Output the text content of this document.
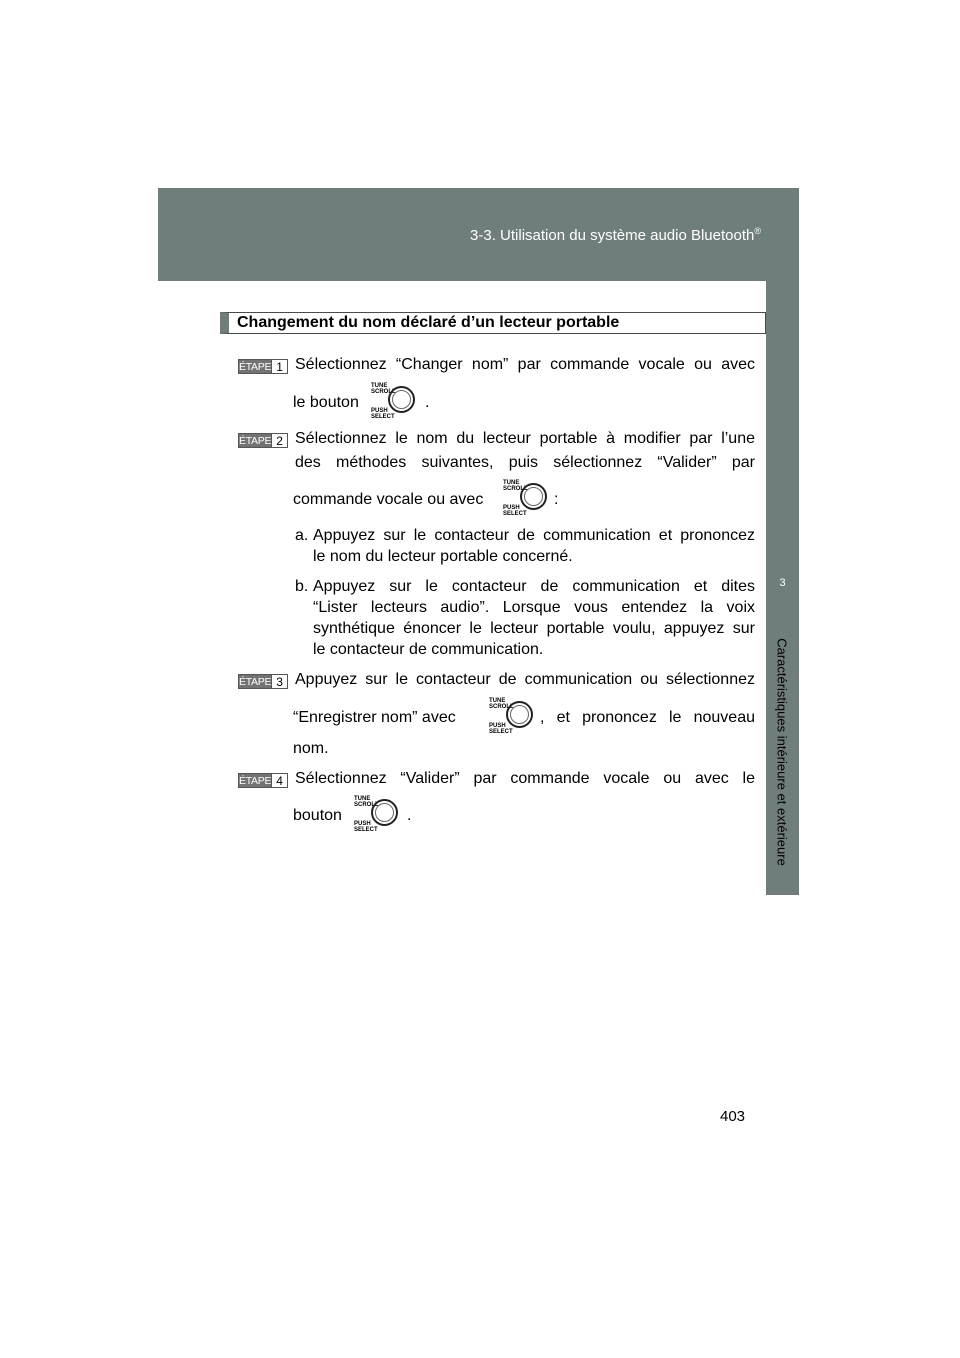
3-3. Utilisation du système audio Bluetooth®
3
Caractéristiques intérieure et extérieure
Changement du nom déclaré d’un lecteur portable
ÉTAPE 1 Sélectionnez “Changer nom” par commande vocale ou avec
le bouton
TUNE
SCROLL
PUSH
SELECT
.
ÉTAPE 2 Sélectionnez le nom du lecteur portable à modifier par l’une
des méthodes suivantes, puis sélectionnez “Valider” par
commande vocale ou avec
TUNE
SCROLL
PUSH
SELECT
:
a. Appuyez sur le contacteur de communication et prononcez
le nom du lecteur portable concerné.
b. Appuyez sur le contacteur de communication et dites
“Lister lecteurs audio”. Lorsque vous entendez la voix
synthétique énoncer le lecteur portable voulu, appuyez sur
le contacteur de communication.
ÉTAPE 3 Appuyez sur le contacteur de communication ou sélectionnez
“Enregistrer nom” avec
TUNE
SCROLL
PUSH
SELECT
, et prononcez le nouveau
nom.
ÉTAPE 4 Sélectionnez “Valider” par commande vocale ou avec le
bouton
TUNE
SCROLL
PUSH
SELECT
.
403
